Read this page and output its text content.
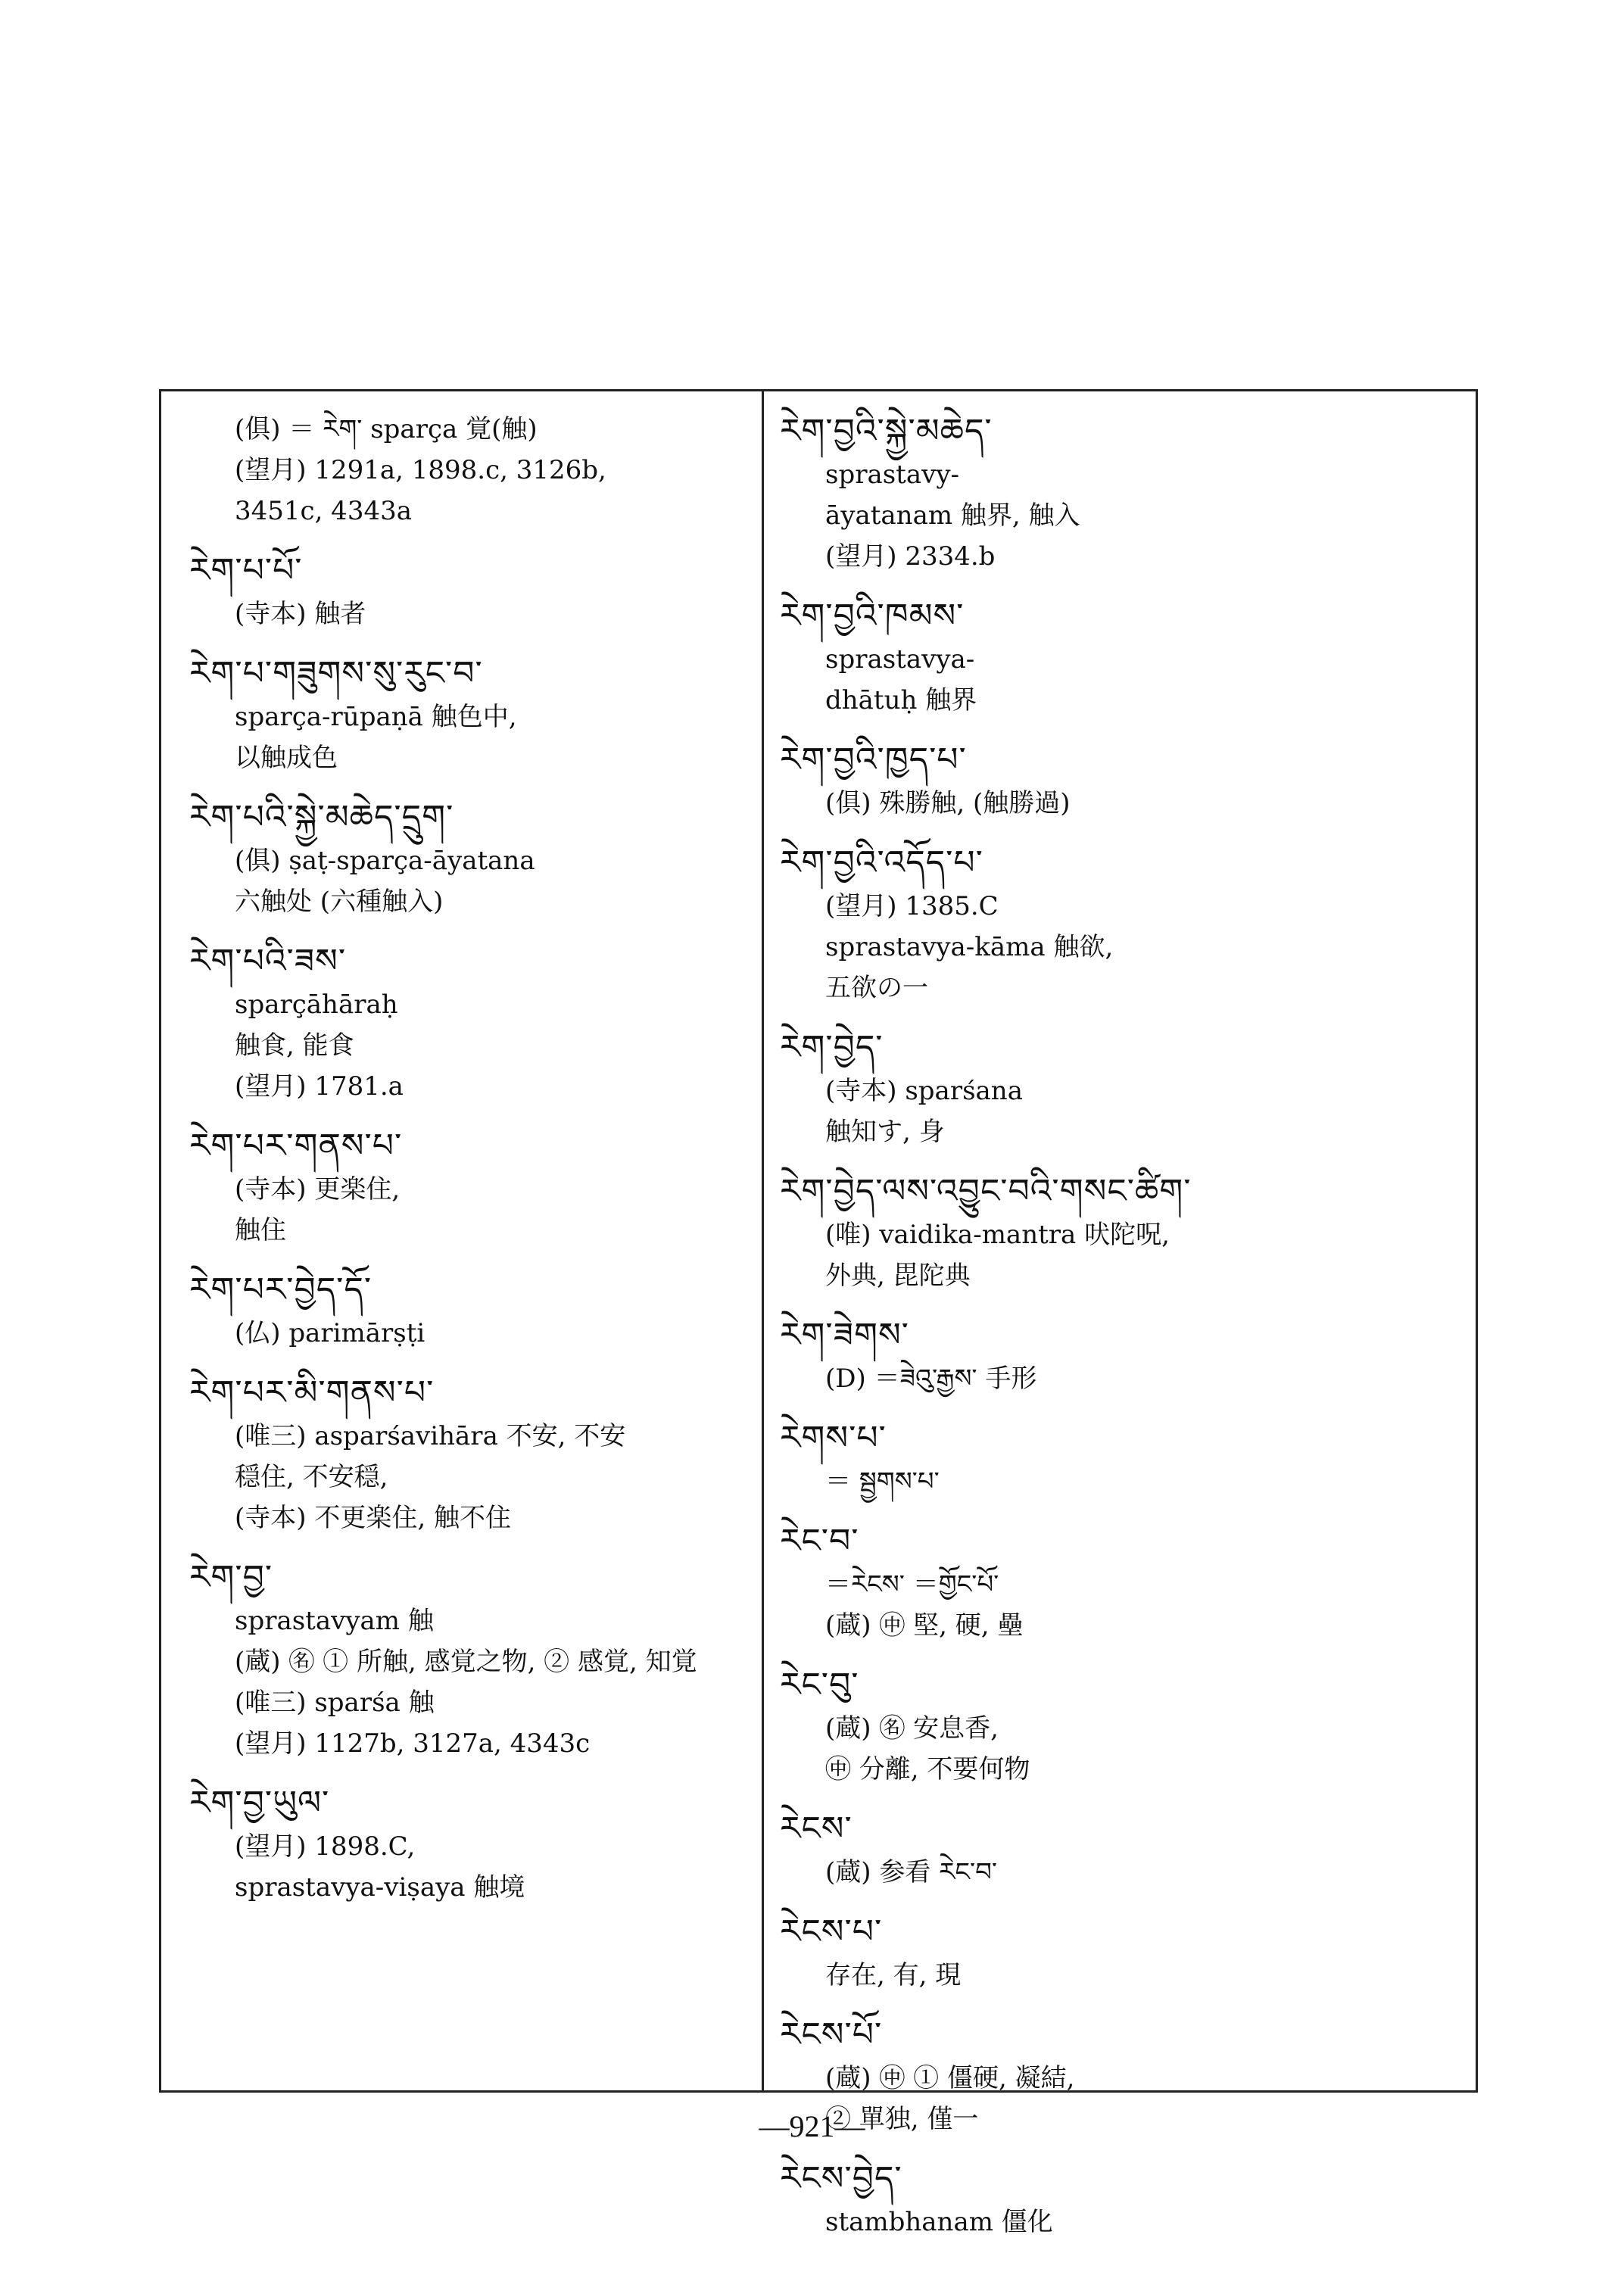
(俱) ＝ རེག་ sparça 覚(触)
(望月) 1291a, 1898.c, 3126b,
3451c, 4343a
རེག་པ་པོ་
(寺本) 触者
རེག་པ་གཟུགས་སུ་རུང་བ་
sparça-rūpaṇā 触色中,
以触成色
རེག་པའི་སྐྱེ་མཆེད་དྲུག་
(俱) ṣaṭ-sparça-āyatana
六触处 (六種触入)
རེག་པའི་ཟས་
sparçāhāraḥ
触食, 能食
(望月) 1781.a
རེག་པར་གནས་པ་
(寺本) 更楽住,
触住
རེག་པར་བྱེད་དོ་
(仏) parimārṣṭi
རེག་པར་མི་གནས་པ་
(唯三) asparśavihāra 不安, 不安
穏住, 不安穏,
(寺本) 不更楽住, 触不住
རེག་བྱ་
sprastavyam 触
(蔵) ㊔ ① 所触, 感覚之物, ② 感覚, 知覚
(唯三) sparśa 触
(望月) 1127b, 3127a, 4343c
རེག་བྱ་ཡུལ་
(望月) 1898.C,
sprastavya-viṣaya 触境
རེག་བྱའི་སྐྱེ་མཆེད་
sprastavy-
āyatanam 触界, 触入
(望月) 2334.b
རེག་བྱའི་ཁམས་
sprastavya-
dhātuḥ 触界
རེག་བྱའི་ཁྱད་པ་
(俱) 殊勝触, (触勝過)
རེག་བྱའི་འདོད་པ་
(望月) 1385.C
sprastavya-kāma 触欲,
五欲の一
རེག་བྱེད་
(寺本) sparśana
触知す, 身
རེག་བྱེད་ལས་འབྱུང་བའི་གསང་ཚིག་
(唯) vaidika-mantra 吠陀呪,
外典, 毘陀典
རེག་ཟེགས་
(D) ＝ཟེའུ་རྒྱས་ 手形
རེགས་པ་
＝ སྦྱགས་པ་
རེང་བ་
＝རེངས་ ＝གྱོང་པོ་
(蔵) ㊥ 堅, 硬, 壘
རེང་བུ་
(蔵) ㊔ 安息香,
㊥ 分離, 不要何物
རེངས་
(蔵) 参看 རེང་བ་
རེངས་པ་
存在, 有, 現
རེངས་པོ་
(蔵) ㊥ ① 僵硬, 凝結,
② 單独, 僅一
རེངས་བྱེད་
stambhanam 僵化
—921—
